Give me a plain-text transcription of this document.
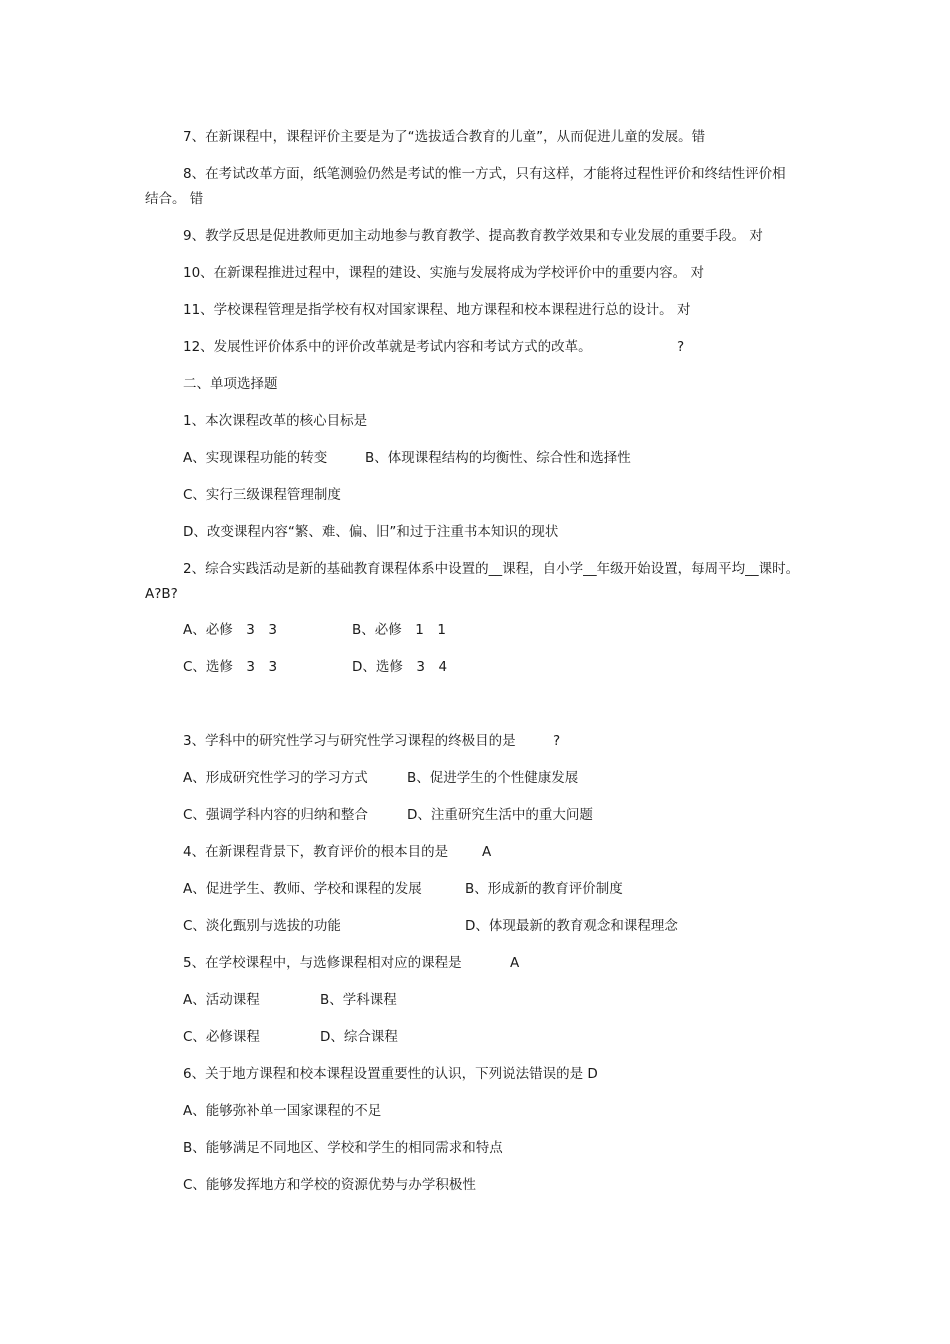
7、在新课程中，课程评价主要是为了“选拔适合教育的儿童”，从而促进儿童的发展。错
8、在考试改革方面，纸笔测验仍然是考试的惟一方式，只有这样，才能将过程性评价和终结性评价相
结合。 错
9、教学反思是促进教师更加主动地参与教育教学、提高教育教学效果和专业发展的重要手段。 对
10、在新课程推进过程中，课程的建设、实施与发展将成为学校评价中的重要内容。 对
11、学校课程管理是指学校有权对国家课程、地方课程和校本课程进行总的设计。 对
12、发展性评价体系中的评价改革就是考试内容和考试方式的改革。	?
二、单项选择题
1、本次课程改革的核心目标是
A、实现课程功能的转变	B、体现课程结构的均衡性、综合性和选择性
C、实行三级课程管理制度
D、改变课程内容“繁、难、偏、旧”和过于注重书本知识的现状
2、综合实践活动是新的基础教育课程体系中设置的__课程，自小学__年级开始设置，每周平均__课时。
A?B?
A、必修　3　3	B、必修　1　1
C、选修　3　3	D、选修　3　4
3、学科中的研究性学习与研究性学习课程的终极目的是	?
A、形成研究性学习的学习方式	B、促进学生的个性健康发展
C、强调学科内容的归纳和整合	D、注重研究生活中的重大问题
4、在新课程背景下，教育评价的根本目的是	A
A、促进学生、教师、学校和课程的发展	B、形成新的教育评价制度
C、淡化甄别与选拔的功能	D、体现最新的教育观念和课程理念
5、在学校课程中，与选修课程相对应的课程是	A
A、活动课程	B、学科课程
C、必修课程	D、综合课程
6、关于地方课程和校本课程设置重要性的认识，下列说法错误的是 D
A、能够弥补单一国家课程的不足
B、能够满足不同地区、学校和学生的相同需求和特点
C、能够发挥地方和学校的资源优势与办学积极性
